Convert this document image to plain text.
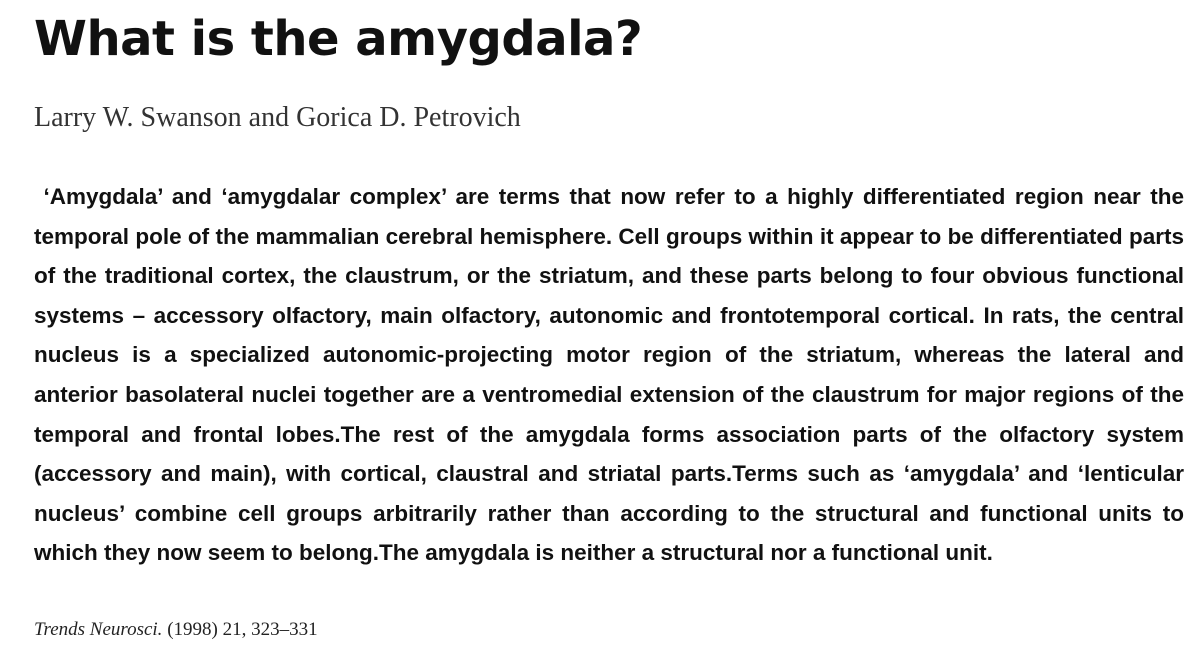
What is the amygdala?

Larry W. Swanson and Gorica D. Petrovich

‘Amygdala’ and ‘amygdalar complex’ are terms that now refer to a highly differentiated region near the temporal pole of the mammalian cerebral hemisphere. Cell groups within it appear to be differentiated parts of the traditional cortex, the claustrum, or the striatum, and these parts belong to four obvious functional systems – accessory olfactory, main olfactory, autonomic and frontotemporal cortical. In rats, the central nucleus is a specialized autonomic-projecting motor region of the striatum, whereas the lateral and anterior basolateral nuclei together are a ventromedial extension of the claustrum for major regions of the temporal and frontal lobes.The rest of the amygdala forms association parts of the olfactory system (accessory and main), with cortical, claustral and striatal parts.Terms such as ‘amygdala’ and ‘lenticular nucleus’ combine cell groups arbitrarily rather than according to the structural and functional units to which they now seem to belong.The amygdala is neither a structural nor a functional unit.

Trends Neurosci. (1998) 21, 323–331
